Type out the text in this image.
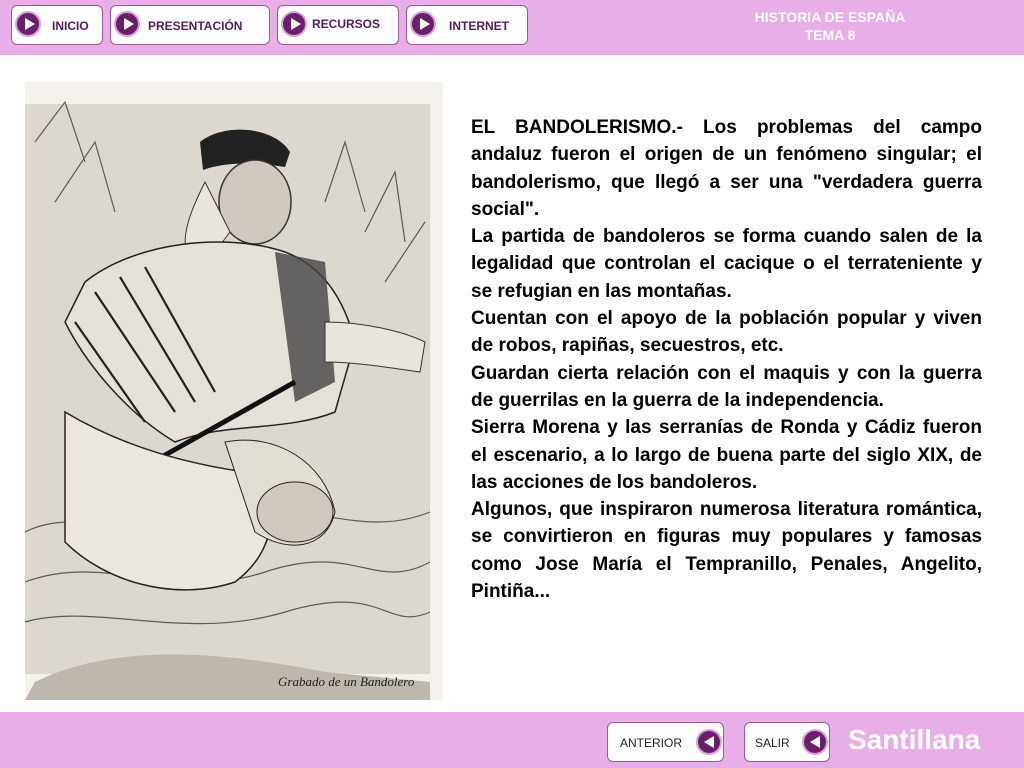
INICIO	PRESENTACIÓN	RECURSOS	INTERNET
HISTORIA DE ESPAÑA
TEMA 8
Grabado de un Bandolero

EL BANDOLERISMO.- Los problemas del campo andaluz fueron el origen de un fenómeno singular; el bandolerismo, que llegó a ser una "verdadera guerra social".

La partida de bandoleros se forma cuando salen de la legalidad que controlan el cacique o el terrateniente y se refugian en las montañas.

Cuentan con el apoyo de la población popular y viven de robos, rapiñas, secuestros, etc.

Guardan cierta relación con el maquis y con la guerra de guerrilas en la guerra de la independencia.

Sierra Morena y las serranías de Ronda y Cádiz fueron el escenario, a lo largo de buena parte del siglo XIX, de las acciones de los bandoleros.

Algunos, que inspiraron numerosa literatura romántica, se convirtieron en figuras muy populares y famosas como Jose María el Tempranillo, Penales, Angelito, Pintiña...

ANTERIOR	SALIR Santillana
